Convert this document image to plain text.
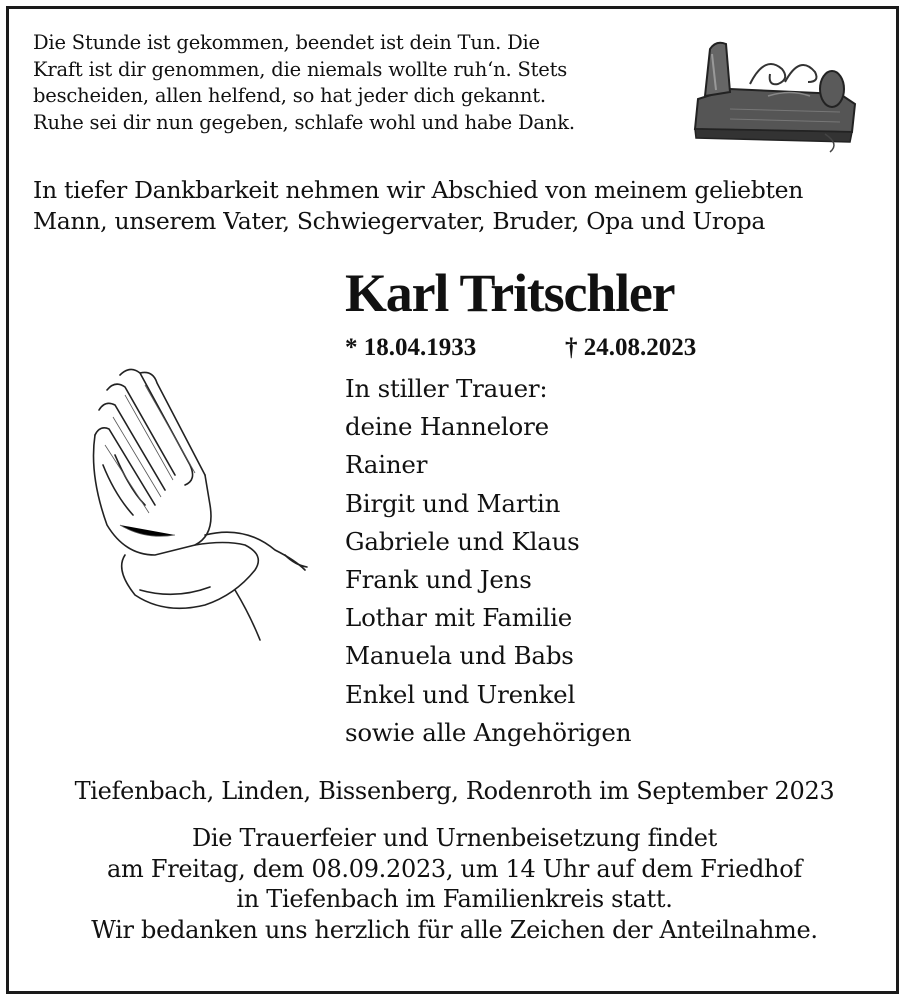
Die Stunde ist gekommen, beendet ist dein Tun. Die
Kraft ist dir genommen, die niemals wollte ruh‘n. Stets
bescheiden, allen helfend, so hat jeder dich gekannt.
Ruhe sei dir nun gegeben, schlafe wohl und habe Dank.
In tiefer Dankbarkeit nehmen wir Abschied von meinem geliebten
Mann, unserem Vater, Schwiegervater, Bruder, Opa und Uropa
Karl Tritschler
* 18.04.1933	† 24.08.2023
In stiller Trauer:
deine Hannelore
Rainer
Birgit und Martin
Gabriele und Klaus
Frank und Jens
Lothar mit Familie
Manuela und Babs
Enkel und Urenkel
sowie alle Angehörigen
Tiefenbach, Linden, Bissenberg, Rodenroth im September 2023
Die Trauerfeier und Urnenbeisetzung findet
am Freitag, dem 08.09.2023, um 14 Uhr auf dem Friedhof
in Tiefenbach im Familienkreis statt.
Wir bedanken uns herzlich für alle Zeichen der Anteilnahme.
